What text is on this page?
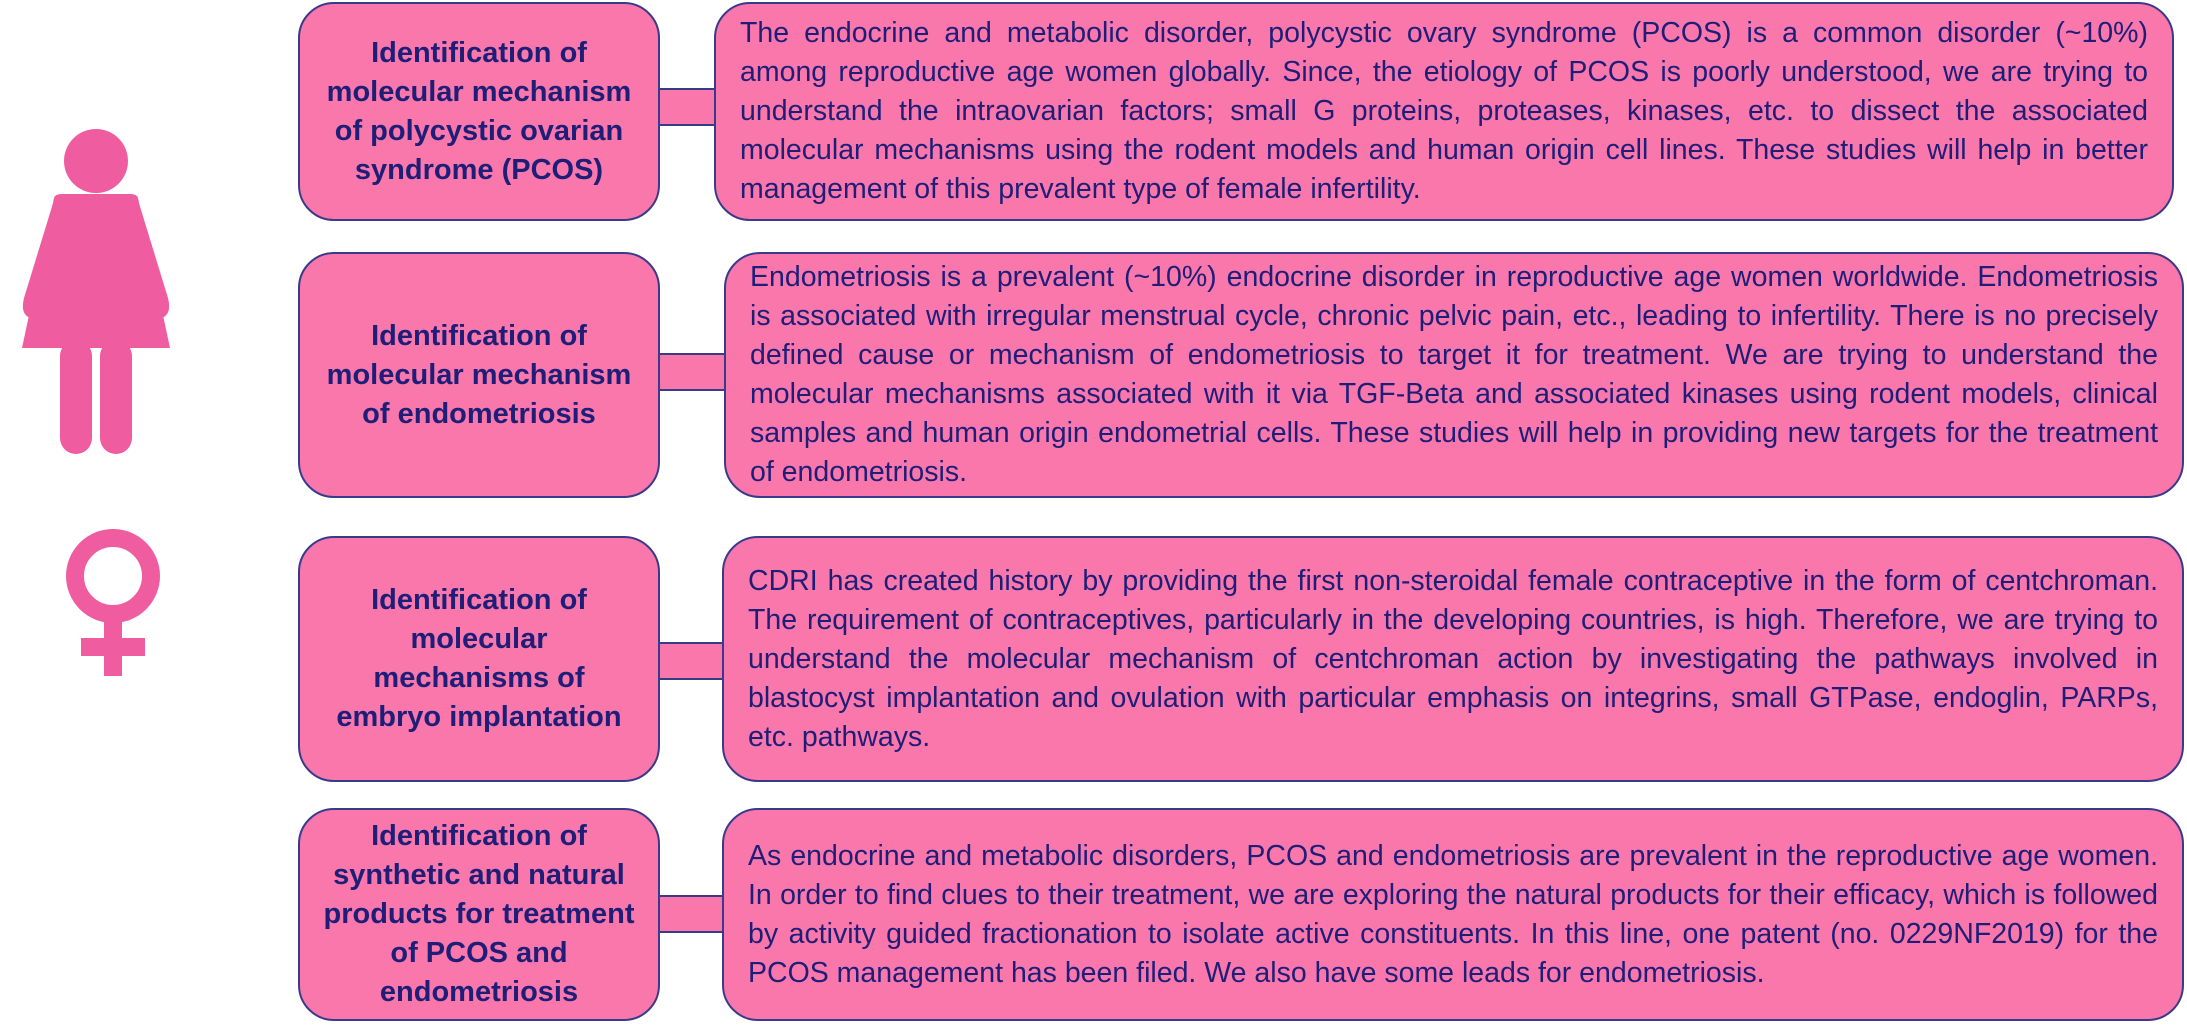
Identification of molecular mechanism of polycystic ovarian syndrome (PCOS)
The endocrine and metabolic disorder, polycystic ovary syndrome (PCOS) is a common disorder (~10%) among reproductive age women globally. Since, the etiology of PCOS is poorly understood, we are trying to understand the intraovarian factors; small G proteins, proteases, kinases, etc. to dissect the associated molecular mechanisms using the rodent models and human origin cell lines. These studies will help in better management of this prevalent type of female infertility.
Identification of molecular mechanism of endometriosis
Endometriosis is a prevalent (~10%) endocrine disorder in reproductive age women worldwide. Endometriosis is associated with irregular menstrual cycle, chronic pelvic pain, etc., leading to infertility. There is no precisely defined cause or mechanism of endometriosis to target it for treatment. We are trying to understand the molecular mechanisms associated with it via TGF-Beta and associated kinases using rodent models, clinical samples and human origin endometrial cells. These studies will help in providing new targets for the treatment of endometriosis.
Identification of molecular mechanisms of embryo implantation
CDRI has created history by providing the first non-steroidal female contraceptive in the form of centchroman. The requirement of contraceptives, particularly in the developing countries, is high. Therefore, we are trying to understand the molecular mechanism of centchroman action by investigating the pathways involved in blastocyst implantation and ovulation with particular emphasis on integrins, small GTPase, endoglin, PARPs, etc. pathways.
Identification of synthetic and natural products for treatment of PCOS and endometriosis
As endocrine and metabolic disorders, PCOS and endometriosis are prevalent in the reproductive age women. In order to find clues to their treatment, we are exploring the natural products for their efficacy, which is followed by activity guided fractionation to isolate active constituents. In this line, one patent (no. 0229NF2019) for the PCOS management has been filed. We also have some leads for endometriosis.
